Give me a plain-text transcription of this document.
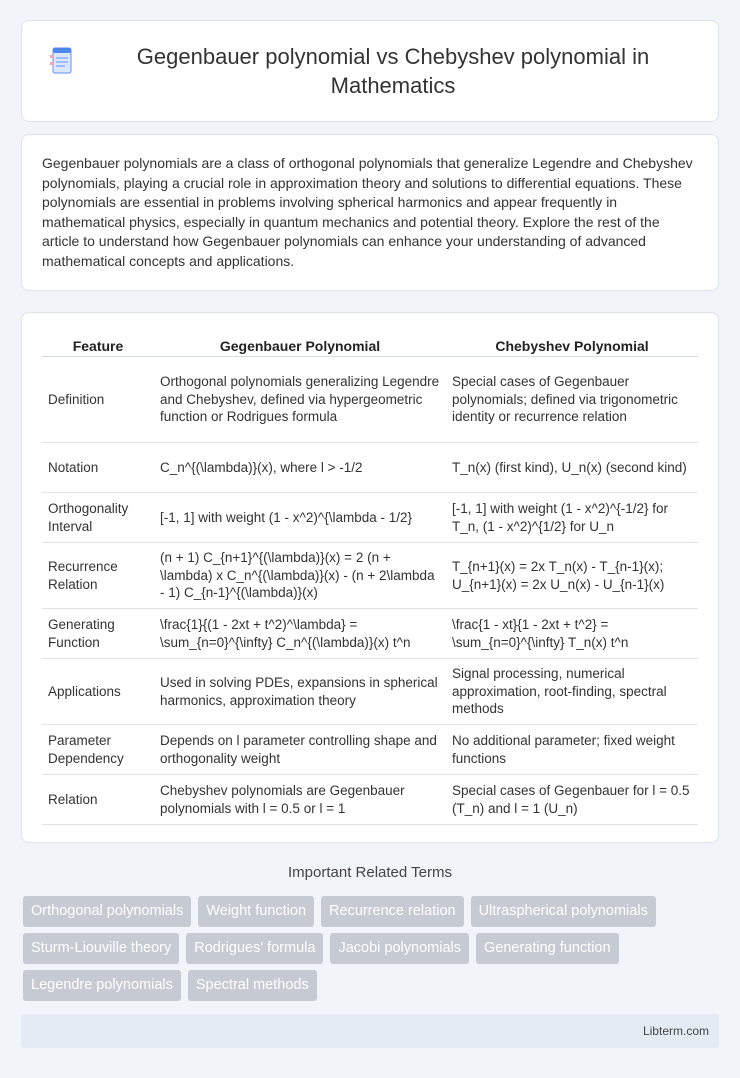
Gegenbauer polynomial vs Chebyshev polynomial in Mathematics

Gegenbauer polynomials are a class of orthogonal polynomials that generalize Legendre and Chebyshev polynomials, playing a crucial role in approximation theory and solutions to differential equations. These polynomials are essential in problems involving spherical harmonics and appear frequently in mathematical physics, especially in quantum mechanics and potential theory. Explore the rest of the article to understand how Gegenbauer polynomials can enhance your understanding of advanced mathematical concepts and applications.

Feature	Gegenbauer Polynomial	Chebyshev Polynomial
Definition	Orthogonal polynomials generalizing Legendre and Chebyshev, defined via hypergeometric function or Rodrigues formula	Special cases of Gegenbauer polynomials; defined via trigonometric identity or recurrence relation
Notation	C_n^{(\lambda)}(x), where l > -1/2	T_n(x) (first kind), U_n(x) (second kind)
Orthogonality Interval	[-1, 1] with weight (1 - x^2)^{\lambda - 1/2}	[-1, 1] with weight (1 - x^2)^{-1/2} for T_n, (1 - x^2)^{1/2} for U_n
Recurrence Relation	(n + 1) C_{n+1}^{(\lambda)}(x) = 2 (n + \lambda) x C_n^{(\lambda)}(x) - (n + 2\lambda - 1) C_{n-1}^{(\lambda)}(x)	T_{n+1}(x) = 2x T_n(x) - T_{n-1}(x); U_{n+1}(x) = 2x U_n(x) - U_{n-1}(x)
Generating Function	\frac{1}{(1 - 2xt + t^2)^\lambda} = \sum_{n=0}^{\infty} C_n^{(\lambda)}(x) t^n	\frac{1 - xt}{1 - 2xt + t^2} = \sum_{n=0}^{\infty} T_n(x) t^n
Applications	Used in solving PDEs, expansions in spherical harmonics, approximation theory	Signal processing, numerical approximation, root-finding, spectral methods
Parameter Dependency	Depends on l parameter controlling shape and orthogonality weight	No additional parameter; fixed weight functions
Relation	Chebyshev polynomials are Gegenbauer polynomials with l = 0.5 or l = 1	Special cases of Gegenbauer for l = 0.5 (T_n) and l = 1 (U_n)
Important Related Terms
Orthogonal polynomials	Weight function	Recurrence relation	Ultraspherical polynomials
Sturm-Liouville theory	Rodrigues' formula	Jacobi polynomials	Generating function
Legendre polynomials	Spectral methods
Libterm.com
